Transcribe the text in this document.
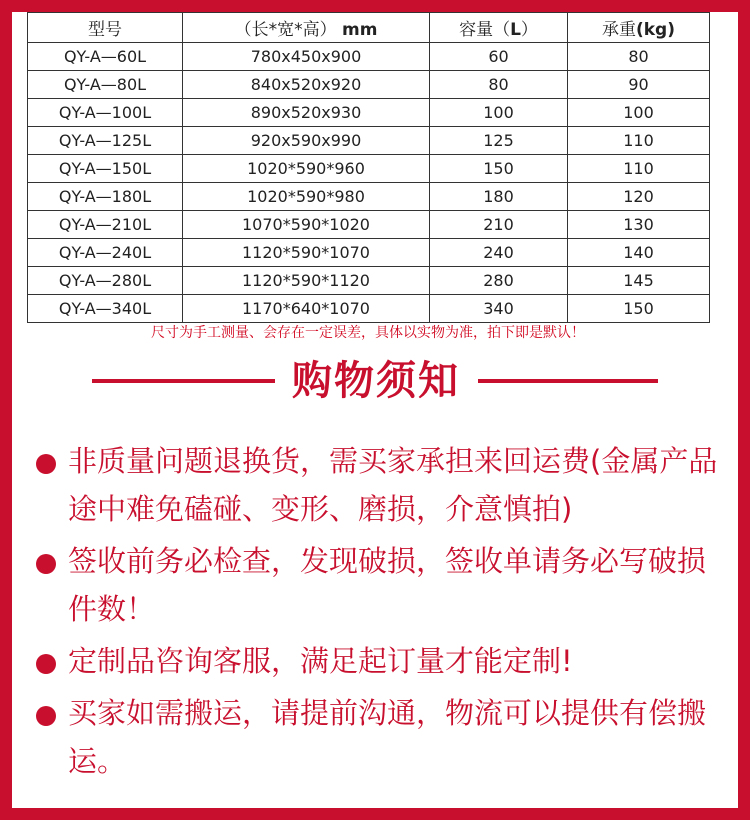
型号	（长*宽*高） mm	容量（L）	承重(kg)
QY-A—60L	780x450x900	60	80
QY-A—80L	840x520x920	80	90
QY-A—100L	890x520x930	100	100
QY-A—125L	920x590x990	125	110
QY-A—150L	1020*590*960	150	110
QY-A—180L	1020*590*980	180	120
QY-A—210L	1070*590*1020	210	130
QY-A—240L	1120*590*1070	240	140
QY-A—280L	1120*590*1120	280	145
QY-A—340L	1170*640*1070	340	150
尺寸为手工测量、会存在一定误差，具体以实物为准，拍下即是默认！
购物须知
非质量问题退换货，需买家承担来回运费(金属产品途中难免磕碰、变形、磨损，介意慎拍)
签收前务必检查，发现破损，签收单请务必写破损件数！
定制品咨询客服，满足起订量才能定制!
买家如需搬运，请提前沟通，物流可以提供有偿搬运。
